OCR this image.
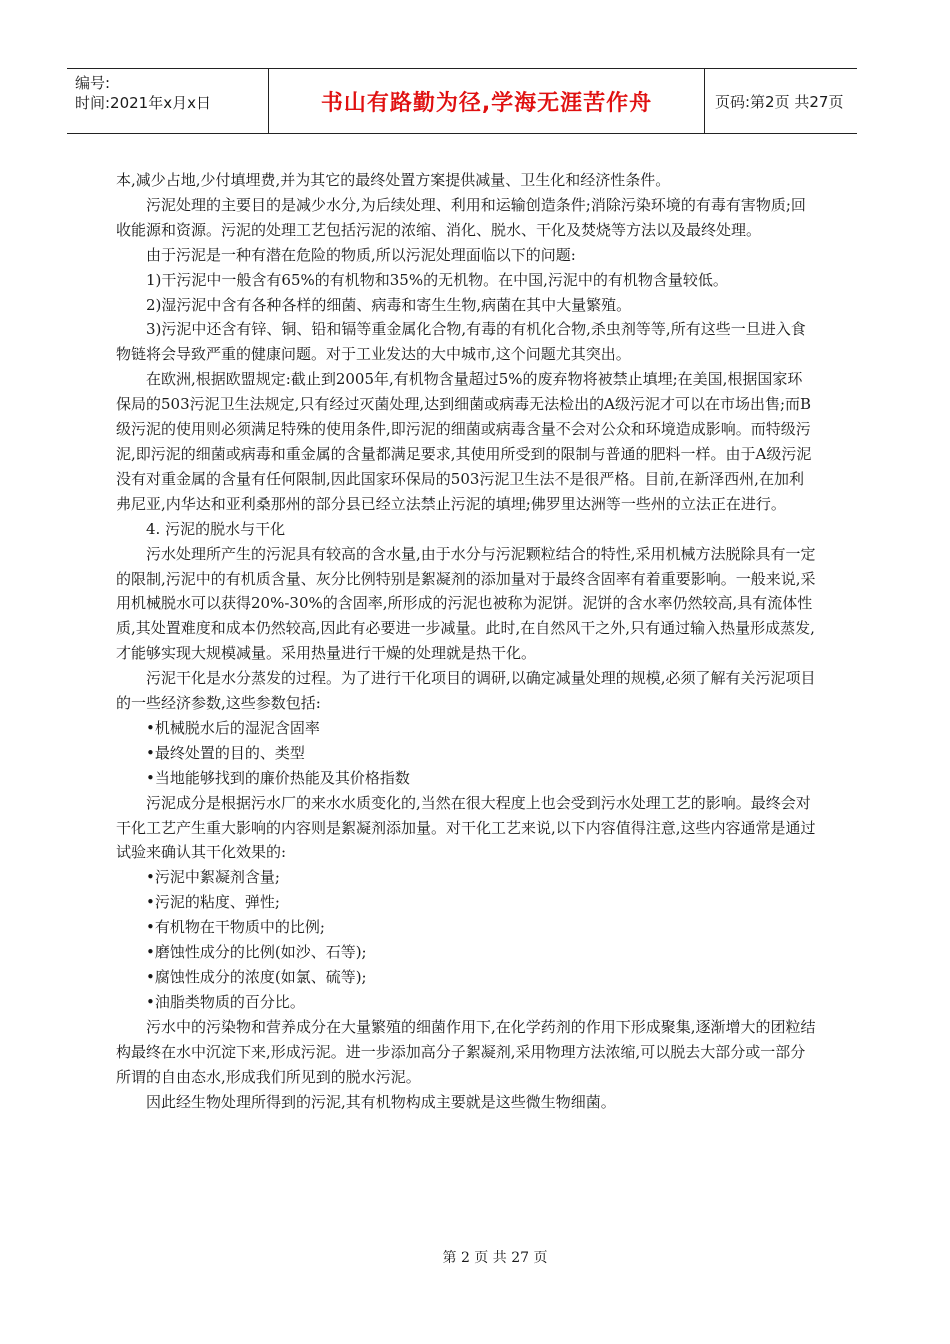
编号:
时间:2021年x月x日	书山有路勤为径,学海无涯苦作舟	页码:第2页 共27页

本,减少占地,少付填埋费,并为其它的最终处置方案提供减量、卫生化和经济性条件。

污泥处理的主要目的是减少水分,为后续处理、利用和运输创造条件;消除污染环境的有毒有害物质;回收能源和资源。污泥的处理工艺包括污泥的浓缩、消化、脱水、干化及焚烧等方法以及最终处理。

由于污泥是一种有潜在危险的物质,所以污泥处理面临以下的问题:

1)干污泥中一般含有65%的有机物和35%的无机物。在中国,污泥中的有机物含量较低。

2)湿污泥中含有各种各样的细菌、病毒和寄生生物,病菌在其中大量繁殖。

3)污泥中还含有锌、铜、铅和镉等重金属化合物,有毒的有机化合物,杀虫剂等等,所有这些一旦进入食物链将会导致严重的健康问题。对于工业发达的大中城市,这个问题尤其突出。

在欧洲,根据欧盟规定:截止到2005年,有机物含量超过5%的废弃物将被禁止填埋;在美国,根据国家环保局的503污泥卫生法规定,只有经过灭菌处理,达到细菌或病毒无法检出的A级污泥才可以在市场出售;而B级污泥的使用则必须满足特殊的使用条件,即污泥的细菌或病毒含量不会对公众和环境造成影响。而特级污泥,即污泥的细菌或病毒和重金属的含量都满足要求,其使用所受到的限制与普通的肥料一样。由于A级污泥没有对重金属的含量有任何限制,因此国家环保局的503污泥卫生法不是很严格。目前,在新泽西州,在加利弗尼亚,内华达和亚利桑那州的部分县已经立法禁止污泥的填埋;佛罗里达洲等一些州的立法正在进行。

4. 污泥的脱水与干化

污水处理所产生的污泥具有较高的含水量,由于水分与污泥颗粒结合的特性,采用机械方法脱除具有一定的限制,污泥中的有机质含量、灰分比例特别是絮凝剂的添加量对于最终含固率有着重要影响。一般来说,采用机械脱水可以获得20%-30%的含固率,所形成的污泥也被称为泥饼。泥饼的含水率仍然较高,具有流体性质,其处置难度和成本仍然较高,因此有必要进一步减量。此时,在自然风干之外,只有通过输入热量形成蒸发,才能够实现大规模减量。采用热量进行干燥的处理就是热干化。

污泥干化是水分蒸发的过程。为了进行干化项目的调研,以确定减量处理的规模,必须了解有关污泥项目的一些经济参数,这些参数包括:

•机械脱水后的湿泥含固率

•最终处置的目的、类型

•当地能够找到的廉价热能及其价格指数

污泥成分是根据污水厂的来水水质变化的,当然在很大程度上也会受到污水处理工艺的影响。最终会对干化工艺产生重大影响的内容则是絮凝剂添加量。对干化工艺来说,以下内容值得注意,这些内容通常是通过试验来确认其干化效果的:

•污泥中絮凝剂含量;

•污泥的粘度、弹性;

•有机物在干物质中的比例;

•磨蚀性成分的比例(如沙、石等);

•腐蚀性成分的浓度(如氯、硫等);

•油脂类物质的百分比。

污水中的污染物和营养成分在大量繁殖的细菌作用下,在化学药剂的作用下形成聚集,逐渐增大的团粒结构最终在水中沉淀下来,形成污泥。进一步添加高分子絮凝剂,采用物理方法浓缩,可以脱去大部分或一部分所谓的自由态水,形成我们所见到的脱水污泥。

因此经生物处理所得到的污泥,其有机物构成主要就是这些微生物细菌。

第 2 页 共 27 页
